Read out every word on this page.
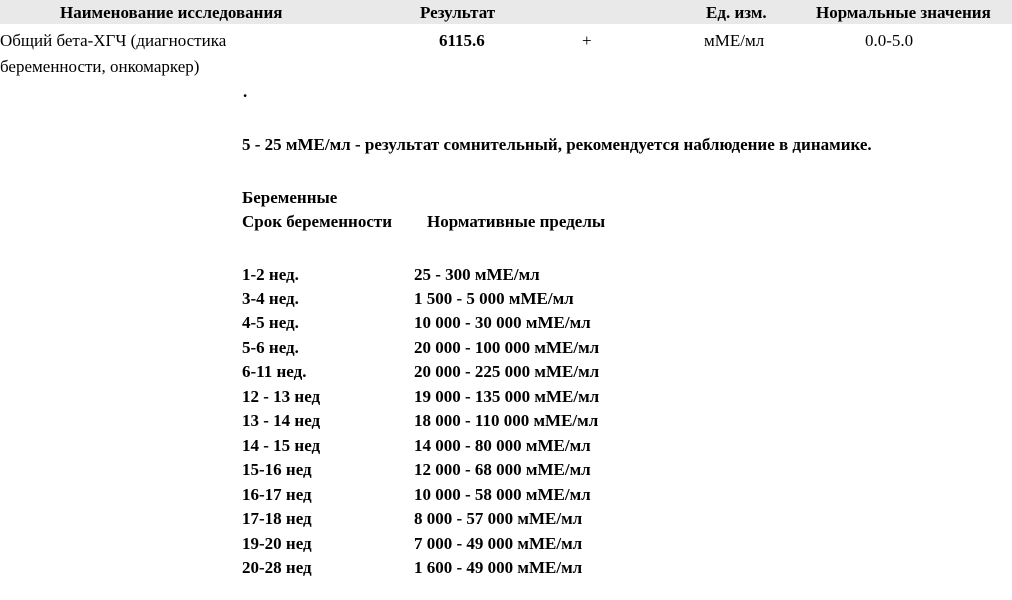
Наименование исследования	Результат	Ед. изм.	Нормальные значения
Общий бета-ХГЧ (диагностика
беременности, онкомаркер)
6115.6	+	мМЕ/мл	0.0-5.0
.
5 - 25 мМЕ/мл - результат сомнительный, рекомендуется наблюдение в динамике.
Беременные
Срок беременности Нормативные пределы
1-2 нед.	25 - 300 мМЕ/мл
3-4 нед.	1 500 - 5 000 мМЕ/мл
4-5 нед.	10 000 - 30 000 мМЕ/мл
5-6 нед.	20 000 - 100 000 мМЕ/мл
6-11 нед.	20 000 - 225 000 мМЕ/мл
12 - 13 нед	19 000 - 135 000 мМЕ/мл
13 - 14 нед	18 000 - 110 000 мМЕ/мл
14 - 15 нед	14 000 - 80 000 мМЕ/мл
15-16 нед	12 000 - 68 000 мМЕ/мл
16-17 нед	10 000 - 58 000 мМЕ/мл
17-18 нед	8 000 - 57 000 мМЕ/мл
19-20 нед	7 000 - 49 000 мМЕ/мл
20-28 нед	1 600 - 49 000 мМЕ/мл
